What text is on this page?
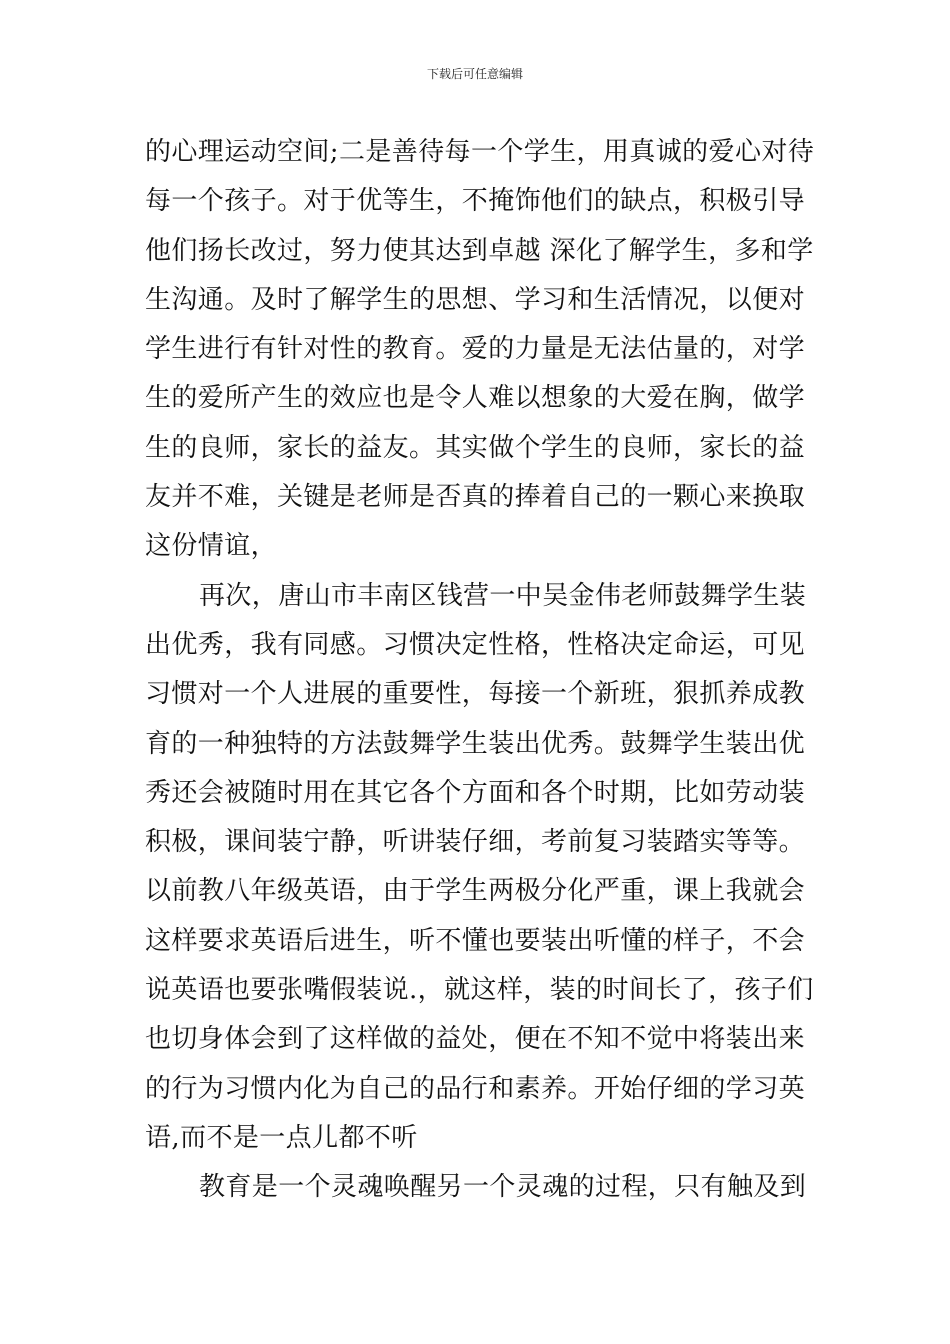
下载后可任意编辑
的心理运动空间;二是善待每一个学生，用真诚的爱心对待
每一个孩子。对于优等生，不掩饰他们的缺点，积极引导
他们扬长改过，努力使其达到卓越 深化了解学生，多和学
生沟通。及时了解学生的思想、学习和生活情况，以便对
学生进行有针对性的教育。爱的力量是无法估量的，对学
生的爱所产生的效应也是令人难以想象的大爱在胸，做学
生的良师，家长的益友。其实做个学生的良师，家长的益
友并不难，关键是老师是否真的捧着自己的一颗心来换取
这份情谊，
再次，唐山市丰南区钱营一中吴金伟老师鼓舞学生装
出优秀，我有同感。习惯决定性格，性格决定命运，可见
习惯对一个人进展的重要性，每接一个新班，狠抓养成教
育的一种独特的方法鼓舞学生装出优秀。鼓舞学生装出优
秀还会被随时用在其它各个方面和各个时期，比如劳动装
积极，课间装宁静，听讲装仔细，考前复习装踏实等等。
以前教八年级英语，由于学生两极分化严重，课上我就会
这样要求英语后进生，听不懂也要装出听懂的样子，不会
说英语也要张嘴假装说.，就这样，装的时间长了，孩子们
也切身体会到了这样做的益处，便在不知不觉中将装出来
的行为习惯内化为自己的品行和素养。开始仔细的学习英
语,而不是一点儿都不听
教育是一个灵魂唤醒另一个灵魂的过程，只有触及到
